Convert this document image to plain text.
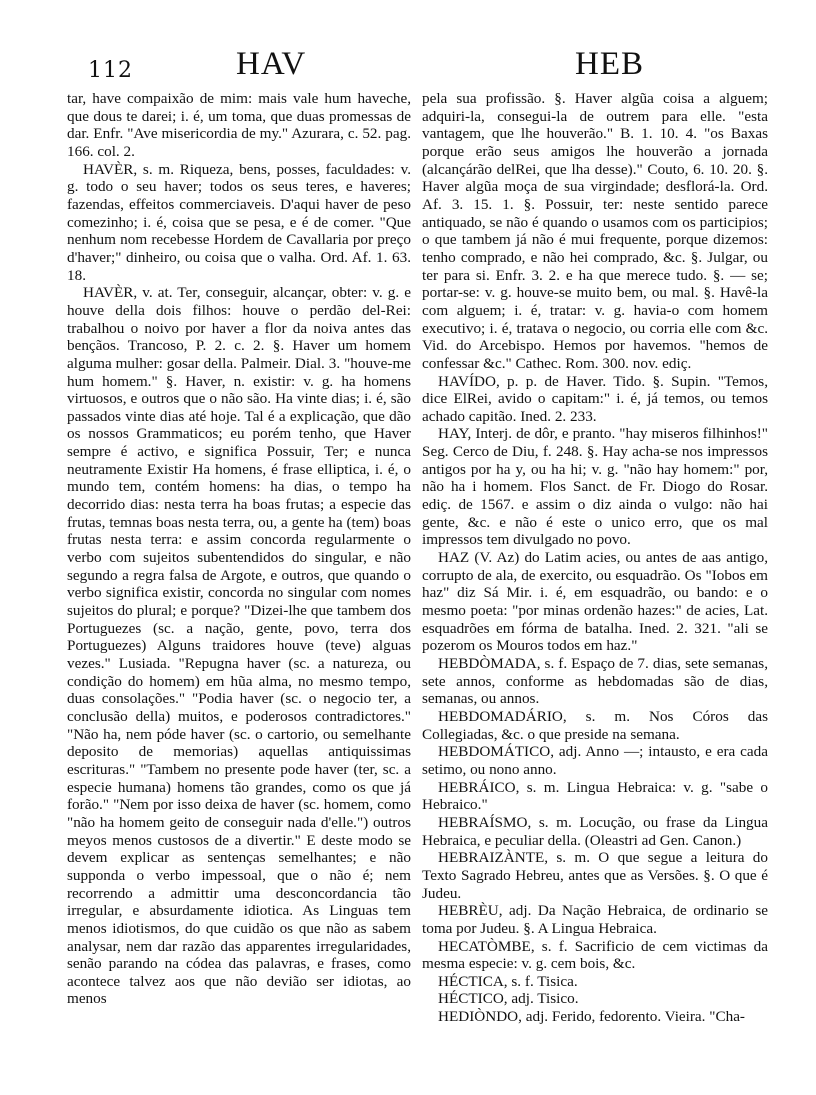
112	HAV	HEB

tar, have compaixão de mim: mais vale hum haveche, que dous te darei; i. é, um toma, que duas promessas de dar. Enfr. "Ave misericordia de my." Azurara, c. 52. pag. 166. col. 2.

HAVÈR, s. m. Riqueza, bens, posses, faculdades: v. g. todo o seu haver; todos os seus teres, e haveres; fazendas, effeitos commerciaveis. D'aqui haver de peso comezinho; i. é, coisa que se pesa, e é de comer. "Que nenhum nom recebesse Hordem de Cavallaria por preço d'haver;" dinheiro, ou coisa que o valha. Ord. Af. 1. 63. 18.

HAVÈR, v. at. Ter, conseguir, alcançar, obter: v. g. e houve della dois filhos: houve o perdão del-Rei: trabalhou o noivo por haver a flor da noiva antes das bençãos. Trancoso, P. 2. c. 2. §. Haver um homem alguma mulher: gosar della. Palmeir. Dial. 3. "houve-me hum homem." §. Haver, n. existir: v. g. ha homens virtuosos, e outros que o não são. Ha vinte dias; i. é, são passados vinte dias até hoje. Tal é a explicação, que dão os nossos Grammaticos; eu porém tenho, que Haver sempre é activo, e significa Possuir, Ter; e nunca neutramente Existir Ha homens, é frase elliptica, i. é, o mundo tem, contém homens: ha dias, o tempo ha decorrido dias: nesta terra ha boas frutas; a especie das frutas, temnas boas nesta terra, ou, a gente ha (tem) boas frutas nesta terra: e assim concorda regularmente o verbo com sujeitos subentendidos do singular, e não segundo a regra falsa de Argote, e outros, que quando o verbo significa existir, concorda no singular com nomes sujeitos do plural; e porque? "Dizei-lhe que tambem dos Portuguezes (sc. a nação, gente, povo, terra dos Portuguezes) Alguns traidores houve (teve) alguas vezes." Lusiada. "Repugna haver (sc. a natureza, ou condição do homem) em hũa alma, no mesmo tempo, duas consolações." "Podia haver (sc. o negocio ter, a conclusão della) muitos, e poderosos contradictores." "Não ha, nem póde haver (sc. o cartorio, ou semelhante deposito de memorias) aquellas antiquissimas escrituras." "Tambem no presente pode haver (ter, sc. a especie humana) homens tão grandes, como os que já forão." "Nem por isso deixa de haver (sc. homem, como "não ha homem geito de conseguir nada d'elle.") outros meyos menos custosos de a divertir." E deste modo se devem explicar as sentenças semelhantes; e não supponda o verbo impessoal, que o não é; nem recorrendo a admittir uma desconcordancia tão irregular, e absurdamente idiotica. As Linguas tem menos idiotismos, do que cuidão os que não as sabem analysar, nem dar razão das apparentes irregularidades, senão parando na códea das palavras, e frases, como acontece talvez aos que não devião ser idiotas, ao menos

pela sua profissão. §. Haver algũa coisa a alguem; adquiri-la, consegui-la de outrem para elle. "esta vantagem, que lhe houverão." B. 1. 10. 4. "os Baxas porque erão seus amigos lhe houverão a jornada (alcançárão delRei, que lha desse)." Couto, 6. 10. 20. §. Haver algũa moça de sua virgindade; desflorá-la. Ord. Af. 3. 15. 1. §. Possuir, ter: neste sentido parece antiquado, se não é quando o usamos com os participios; o que tambem já não é mui frequente, porque dizemos: tenho comprado, e não hei comprado, &c. §. Julgar, ou ter para si. Enfr. 3. 2. e ha que merece tudo. §. — se; portar-se: v. g. houve-se muito bem, ou mal. §. Havê-la com alguem; i. é, tratar: v. g. havia-o com homem executivo; i. é, tratava o negocio, ou corria elle com &c. Vid. do Arcebispo. Hemos por havemos. "hemos de confessar &c." Cathec. Rom. 300. nov. ediç.

HAVÍDO, p. p. de Haver. Tido. §. Supin. "Temos, dice ElRei, avido o capitam:" i. é, já temos, ou temos achado capitão. Ined. 2. 233.

HAY, Interj. de dôr, e pranto. "hay miseros filhinhos!" Seg. Cerco de Diu, f. 248. §. Hay acha-se nos impressos antigos por ha y, ou ha hi; v. g. "não hay homem:" por, não ha i homem. Flos Sanct. de Fr. Diogo do Rosar. ediç. de 1567. e assim o diz ainda o vulgo: não hai gente, &c. e não é este o unico erro, que os mal impressos tem divulgado no povo.

HAZ (V. Az) do Latim acies, ou antes de aas antigo, corrupto de ala, de exercito, ou esquadrão. Os "Iobos em haz" diz Sá Mir. i. é, em esquadrão, ou bando: e o mesmo poeta: "por minas ordenão hazes:" de acies, Lat. esquadrões em fórma de batalha. Ined. 2. 321. "ali se pozerom os Mouros todos em haz."

HEBDÒMADA, s. f. Espaço de 7. dias, sete semanas, sete annos, conforme as hebdomadas são de dias, semanas, ou annos.

HEBDOMADÁRIO, s. m. Nos Córos das Collegiadas, &c. o que preside na semana.

HEBDOMÁTICO, adj. Anno —; intausto, e era cada setimo, ou nono anno.

HEBRÁICO, s. m. Lingua Hebraica: v. g. "sabe o Hebraico."

HEBRAÍSMO, s. m. Locução, ou frase da Lingua Hebraica, e peculiar della. (Oleastri ad Gen. Canon.)

HEBRAIZÀNTE, s. m. O que segue a leitura do Texto Sagrado Hebreu, antes que as Versões. §. O que é Judeu.

HEBRÈU, adj. Da Nação Hebraica, de ordinario se toma por Judeu. §. A Lingua Hebraica.

HECATÒMBE, s. f. Sacrificio de cem victimas da mesma especie: v. g. cem bois, &c.

HÉCTICA, s. f. Tisica.

HÉCTICO, adj. Tisico.

HEDIÒNDO, adj. Ferido, fedorento. Vieira. "Cha-
